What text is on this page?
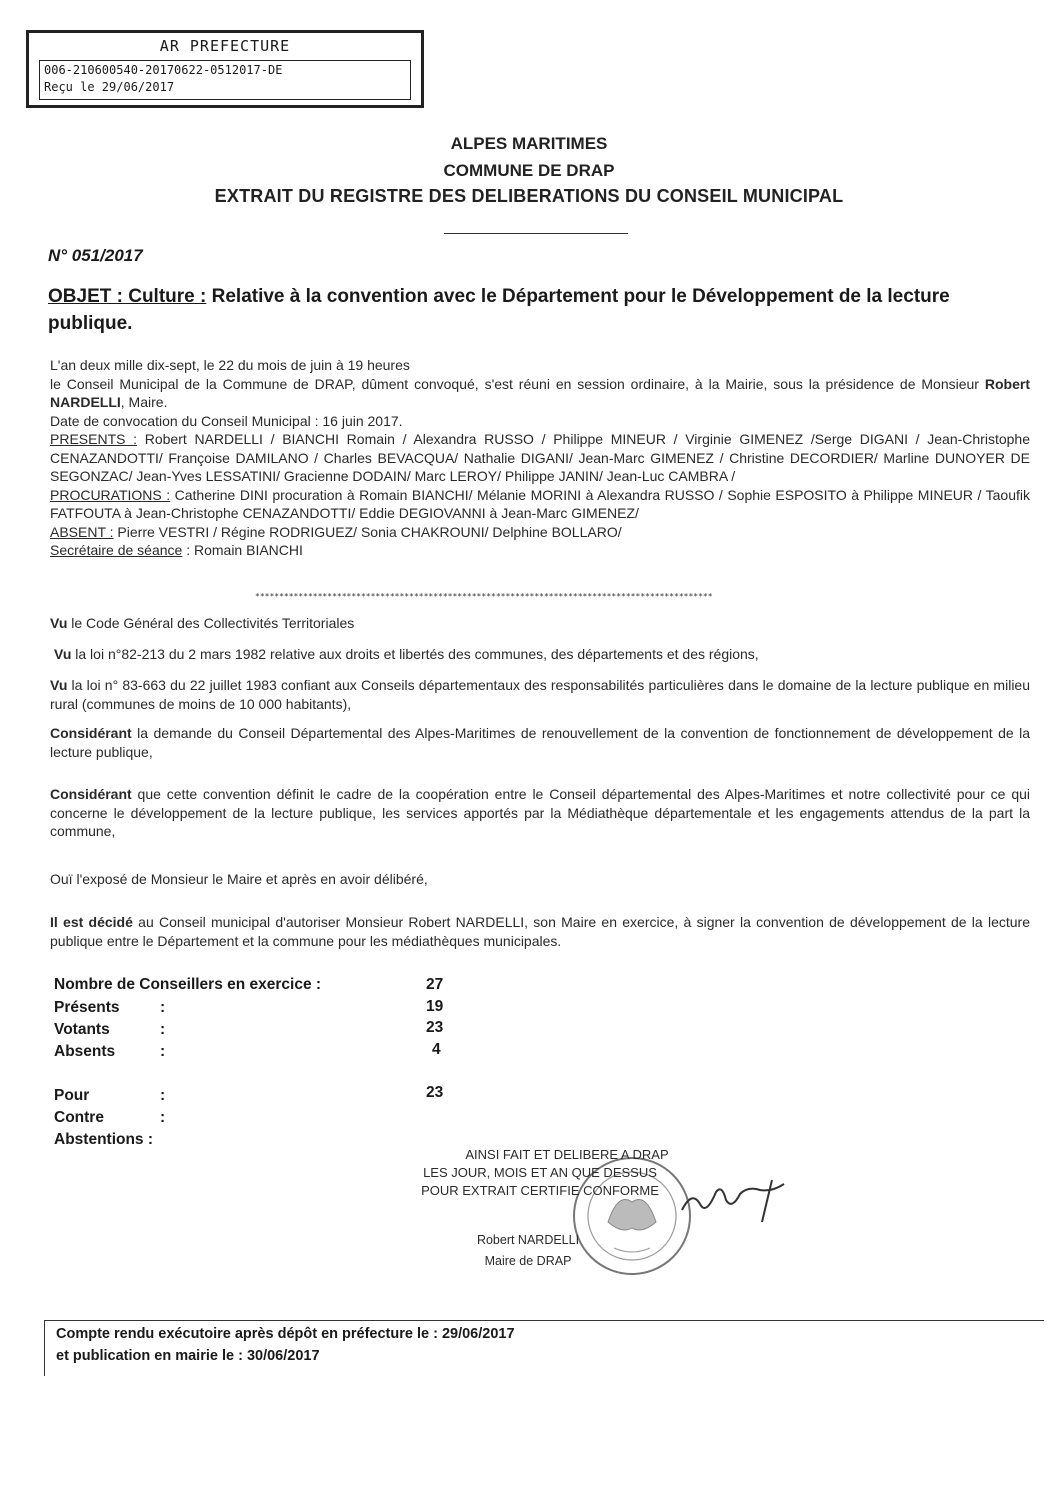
AR PREFECTURE
006-210600540-20170622-0512017-DE
Reçu le 29/06/2017
ALPES MARITIMES
COMMUNE DE DRAP
EXTRAIT DU REGISTRE DES DELIBERATIONS DU CONSEIL MUNICIPAL
N° 051/2017
OBJET : Culture : Relative à la convention avec le Département pour le Développement de la lecture publique.
L'an deux mille dix-sept, le 22 du mois de juin à 19 heures
le Conseil Municipal de la Commune de DRAP, dûment convoqué, s'est réuni en session ordinaire, à la Mairie, sous la présidence de Monsieur Robert NARDELLI, Maire.
Date de convocation du Conseil Municipal : 16 juin 2017.
PRESENTS : Robert NARDELLI / BIANCHI Romain / Alexandra RUSSO / Philippe MINEUR / Virginie GIMENEZ /Serge DIGANI / Jean-Christophe CENAZANDOTTI/ Françoise DAMILANO / Charles BEVACQUA/ Nathalie DIGANI/ Jean-Marc GIMENEZ / Christine DECORDIER/ Marline DUNOYER DE SEGONZAC/ Jean-Yves LESSATINI/ Gracienne DODAIN/ Marc LEROY/ Philippe JANIN/ Jean-Luc CAMBRA /
PROCURATIONS : Catherine DINI procuration à Romain BIANCHI/ Mélanie MORINI à Alexandra RUSSO / Sophie ESPOSITO à Philippe MINEUR / Taoufik FATFOUTA à Jean-Christophe CENAZANDOTTI/ Eddie DEGIOVANNI à Jean-Marc GIMENEZ/
ABSENT : Pierre VESTRI / Régine RODRIGUEZ/ Sonia CHAKROUNI/ Delphine BOLLARO/
Secrétaire de séance : Romain BIANCHI
***********************************************************************************************
Vu le Code Général des Collectivités Territoriales
Vu la loi n°82-213 du 2 mars 1982 relative aux droits et libertés des communes, des départements et des régions,
Vu la loi n° 83-663 du 22 juillet 1983 confiant aux Conseils départementaux des responsabilités particulières dans le domaine de la lecture publique en milieu rural (communes de moins de 10 000 habitants),
Considérant la demande du Conseil Départemental des Alpes-Maritimes de renouvellement de la convention de fonctionnement de développement de la lecture publique,
Considérant que cette convention définit le cadre de la coopération entre le Conseil départemental des Alpes-Maritimes et notre collectivité pour ce qui concerne le développement de la lecture publique, les services apportés par la Médiathèque départementale et les engagements attendus de la part la commune,
Ouï l'exposé de Monsieur le Maire et après en avoir délibéré,
Il est décidé au Conseil municipal d'autoriser Monsieur Robert NARDELLI, son Maire en exercice, à signer la convention de développement de la lecture publique entre le Département et la commune pour les médiathèques municipales.
Nombre de Conseillers en exercice :	27
Présents	:	19
Votants	:	23
Absents	:	4
Pour	:	23
Contre	:
Abstentions :
AINSI FAIT ET DELIBERE A DRAP
LES JOUR, MOIS ET AN QUE DESSUS
POUR EXTRAIT CERTIFIE CONFORME
Robert NARDELLI
Maire de DRAP
Compte rendu exécutoire après dépôt en préfecture le : 29/06/2017
et publication en mairie le : 30/06/2017
